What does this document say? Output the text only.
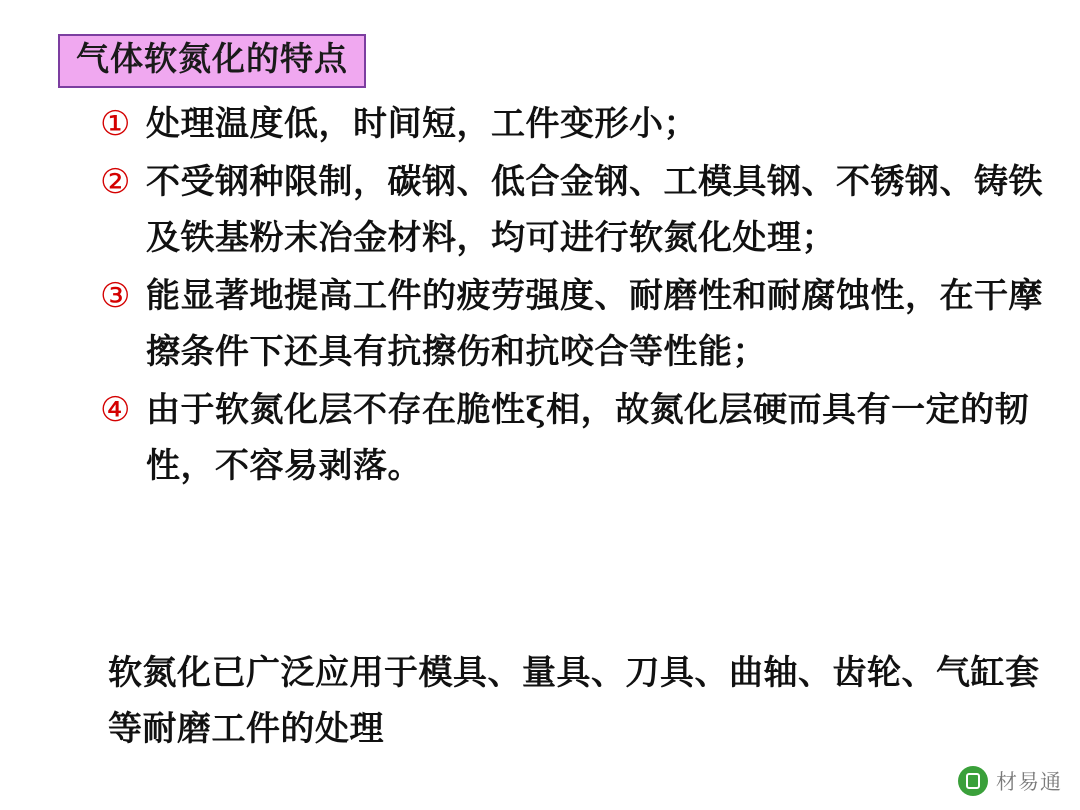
气体软氮化的特点
① 处理温度低，时间短，工件变形小；
② 不受钢种限制，碳钢、低合金钢、工模具钢、不锈钢、铸铁及铁基粉末冶金材料，均可进行软氮化处理；
③ 能显著地提高工件的疲劳强度、耐磨性和耐腐蚀性，在干摩擦条件下还具有抗擦伤和抗咬合等性能；
④ 由于软氮化层不存在脆性ξ相，故氮化层硬而具有一定的韧性，不容易剥落。
软氮化已广泛应用于模具、量具、刀具、曲轴、齿轮、气缸套等耐磨工件的处理
材易通
